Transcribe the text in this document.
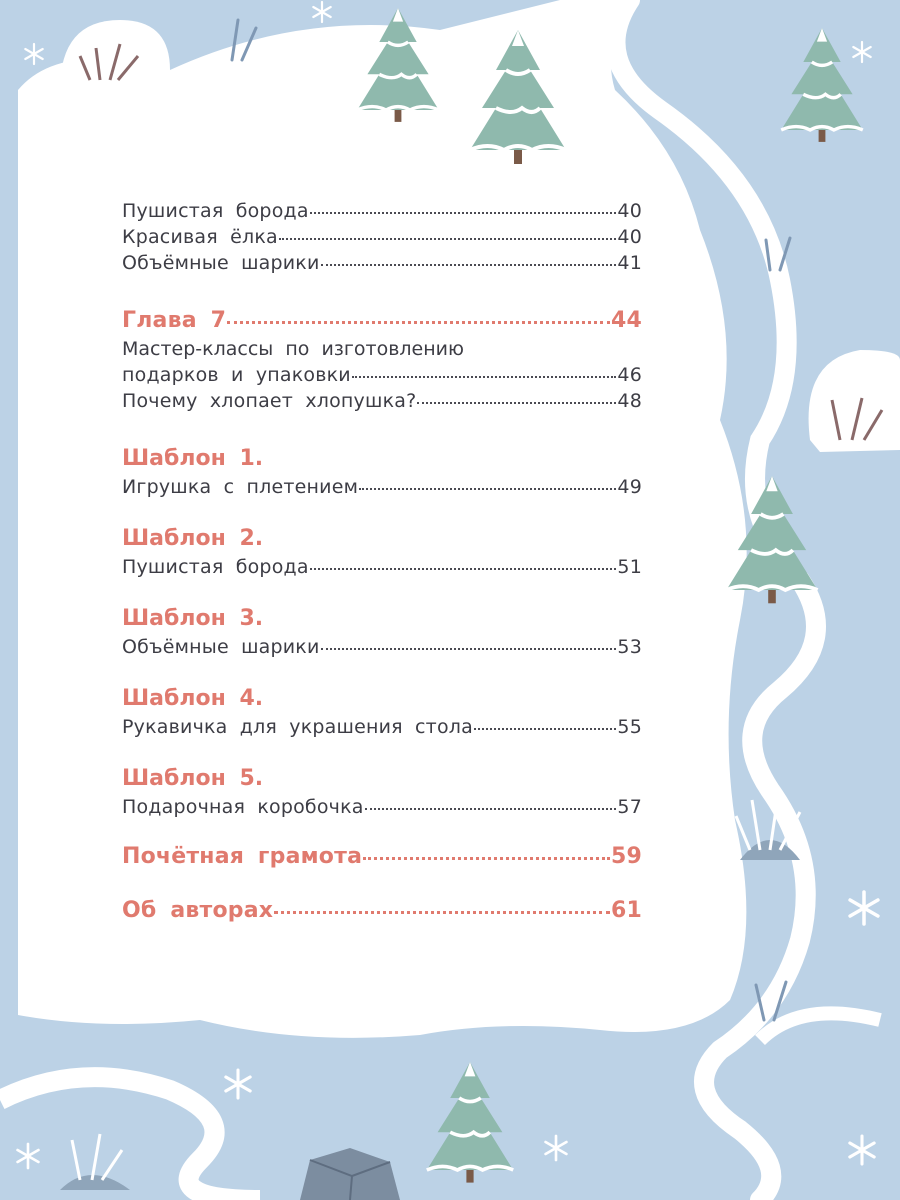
Пушистая борода	40
Красивая ёлка	40
Объёмные шарики	41
Глава 7	44
Мастер-классы по изготовлению
подарков и упаковки	46
Почему хлопает хлопушка?	48
Шаблон 1.
Игрушка с плетением	49
Шаблон 2.
Пушистая борода	51
Шаблон 3.
Объёмные шарики	53
Шаблон 4.
Рукавичка для украшения стола	55
Шаблон 5.
Подарочная коробочка	57
Почётная грамота	59
Об авторах	61
